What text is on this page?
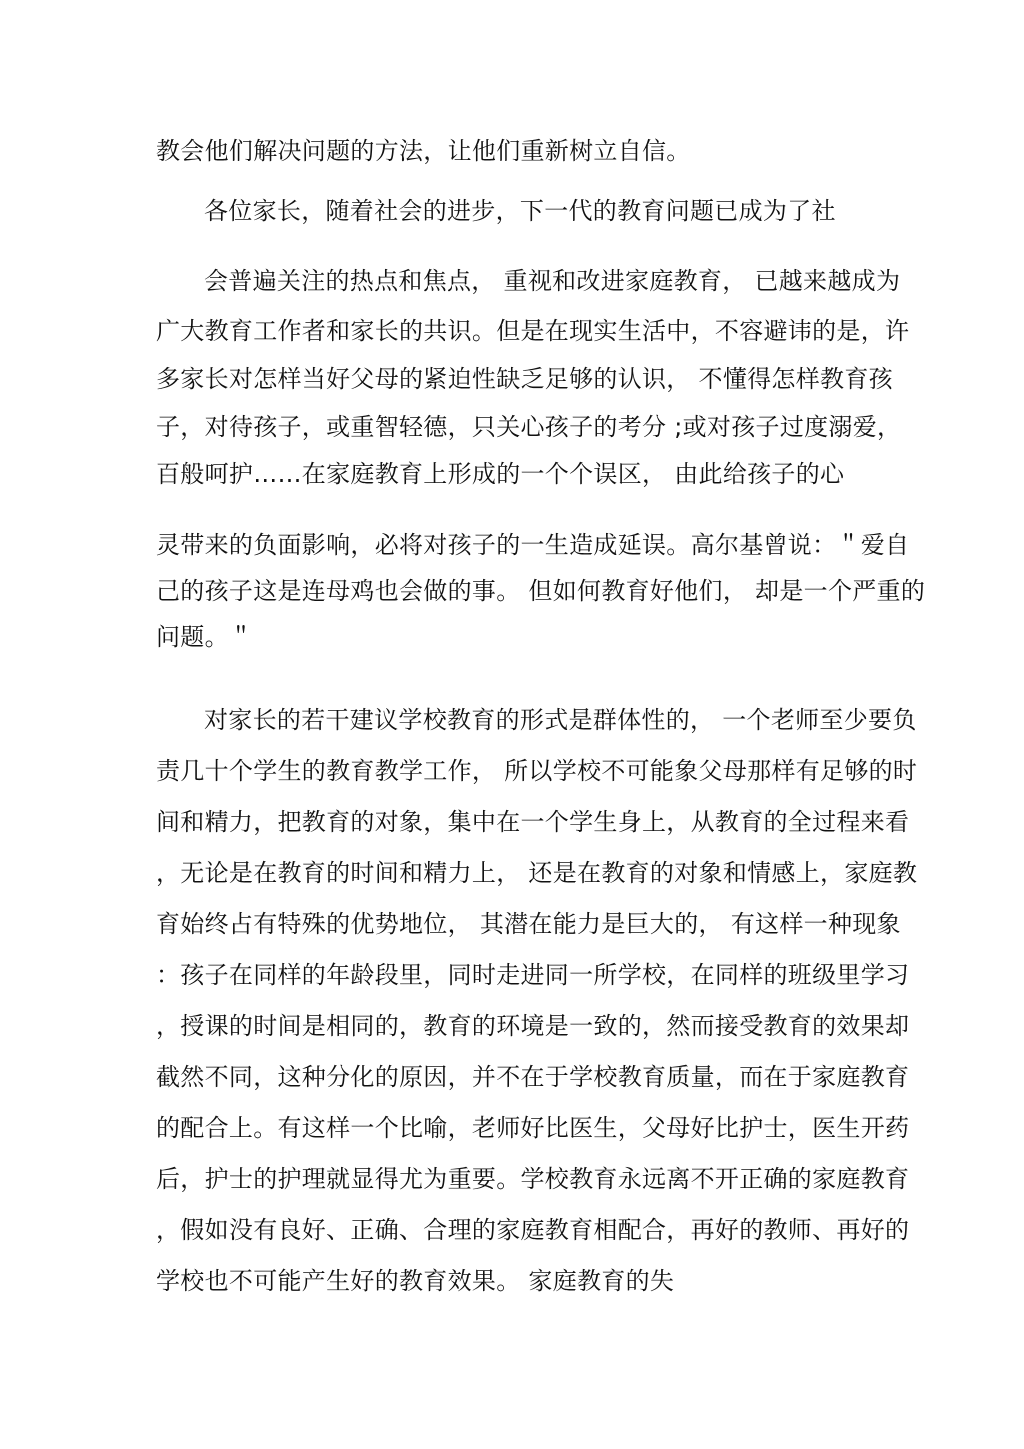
教会他们解决问题的方法，让他们重新树立自信。
各位家长，随着社会的进步，下一代的教育问题已成为了社
会普遍关注的热点和焦点， 重视和改进家庭教育， 已越来越成为
广大教育工作者和家长的共识。但是在现实生活中，不容避讳的是，许
多家长对怎样当好父母的紧迫性缺乏足够的认识， 不懂得怎样教育孩
子，对待孩子，或重智轻德，只关心孩子的考分 ;或对孩子过度溺爱，
百般呵护……在家庭教育上形成的一个个误区， 由此给孩子的心
灵带来的负面影响，必将对孩子的一生造成延误。高尔基曾说：＂爱自
己的孩子这是连母鸡也会做的事。 但如何教育好他们， 却是一个严重的
问题。＂
对家长的若干建议学校教育的形式是群体性的， 一个老师至少要负
责几十个学生的教育教学工作， 所以学校不可能象父母那样有足够的时
间和精力，把教育的对象，集中在一个学生身上，从教育的全过程来看
，无论是在教育的时间和精力上， 还是在教育的对象和情感上，家庭教
育始终占有特殊的优势地位， 其潜在能力是巨大的， 有这样一种现象
：孩子在同样的年龄段里，同时走进同一所学校，在同样的班级里学习
，授课的时间是相同的，教育的环境是一致的，然而接受教育的效果却
截然不同，这种分化的原因，并不在于学校教育质量，而在于家庭教育
的配合上。有这样一个比喻，老师好比医生，父母好比护士，医生开药
后，护士的护理就显得尤为重要。学校教育永远离不开正确的家庭教育
，假如没有良好、正确、合理的家庭教育相配合，再好的教师、再好的
学校也不可能产生好的教育效果。 家庭教育的失
